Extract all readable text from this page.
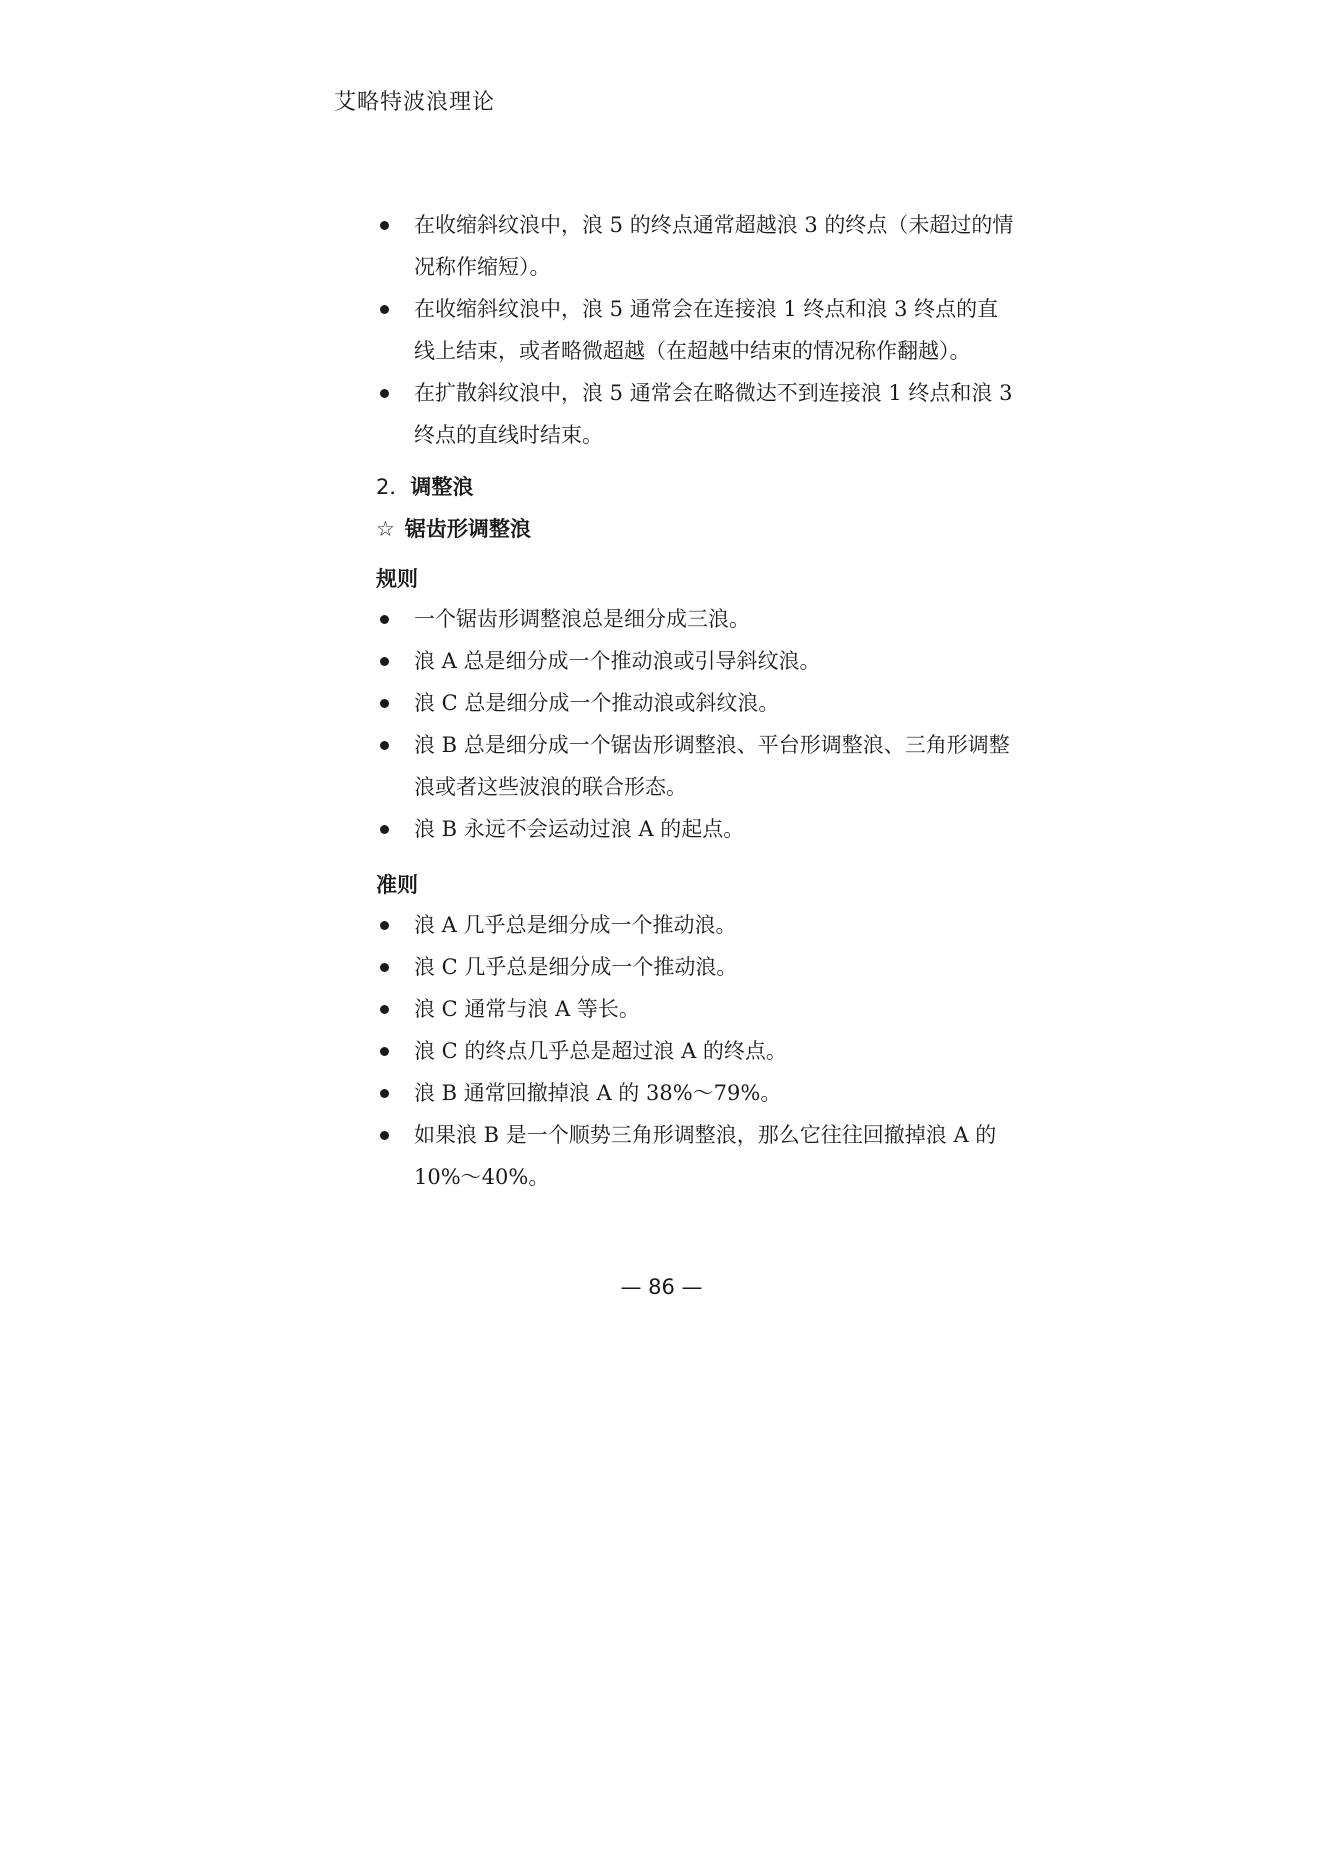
艾略特波浪理论
在收缩斜纹浪中，浪 5 的终点通常超越浪 3 的终点（未超过的情况称作缩短）。
在收缩斜纹浪中，浪 5 通常会在连接浪 1 终点和浪 3 终点的直线上结束，或者略微超越（在超越中结束的情况称作翻越）。
在扩散斜纹浪中，浪 5 通常会在略微达不到连接浪 1 终点和浪 3 终点的直线时结束。
2．调整浪
☆ 锯齿形调整浪
规则
一个锯齿形调整浪总是细分成三浪。
浪 A 总是细分成一个推动浪或引导斜纹浪。
浪 C 总是细分成一个推动浪或斜纹浪。
浪 B 总是细分成一个锯齿形调整浪、平台形调整浪、三角形调整浪或者这些波浪的联合形态。
浪 B 永远不会运动过浪 A 的起点。
准则
浪 A 几乎总是细分成一个推动浪。
浪 C 几乎总是细分成一个推动浪。
浪 C 通常与浪 A 等长。
浪 C 的终点几乎总是超过浪 A 的终点。
浪 B 通常回撤掉浪 A 的 38%～79%。
如果浪 B 是一个顺势三角形调整浪，那么它往往回撤掉浪 A 的 10%～40%。
— 86 —
